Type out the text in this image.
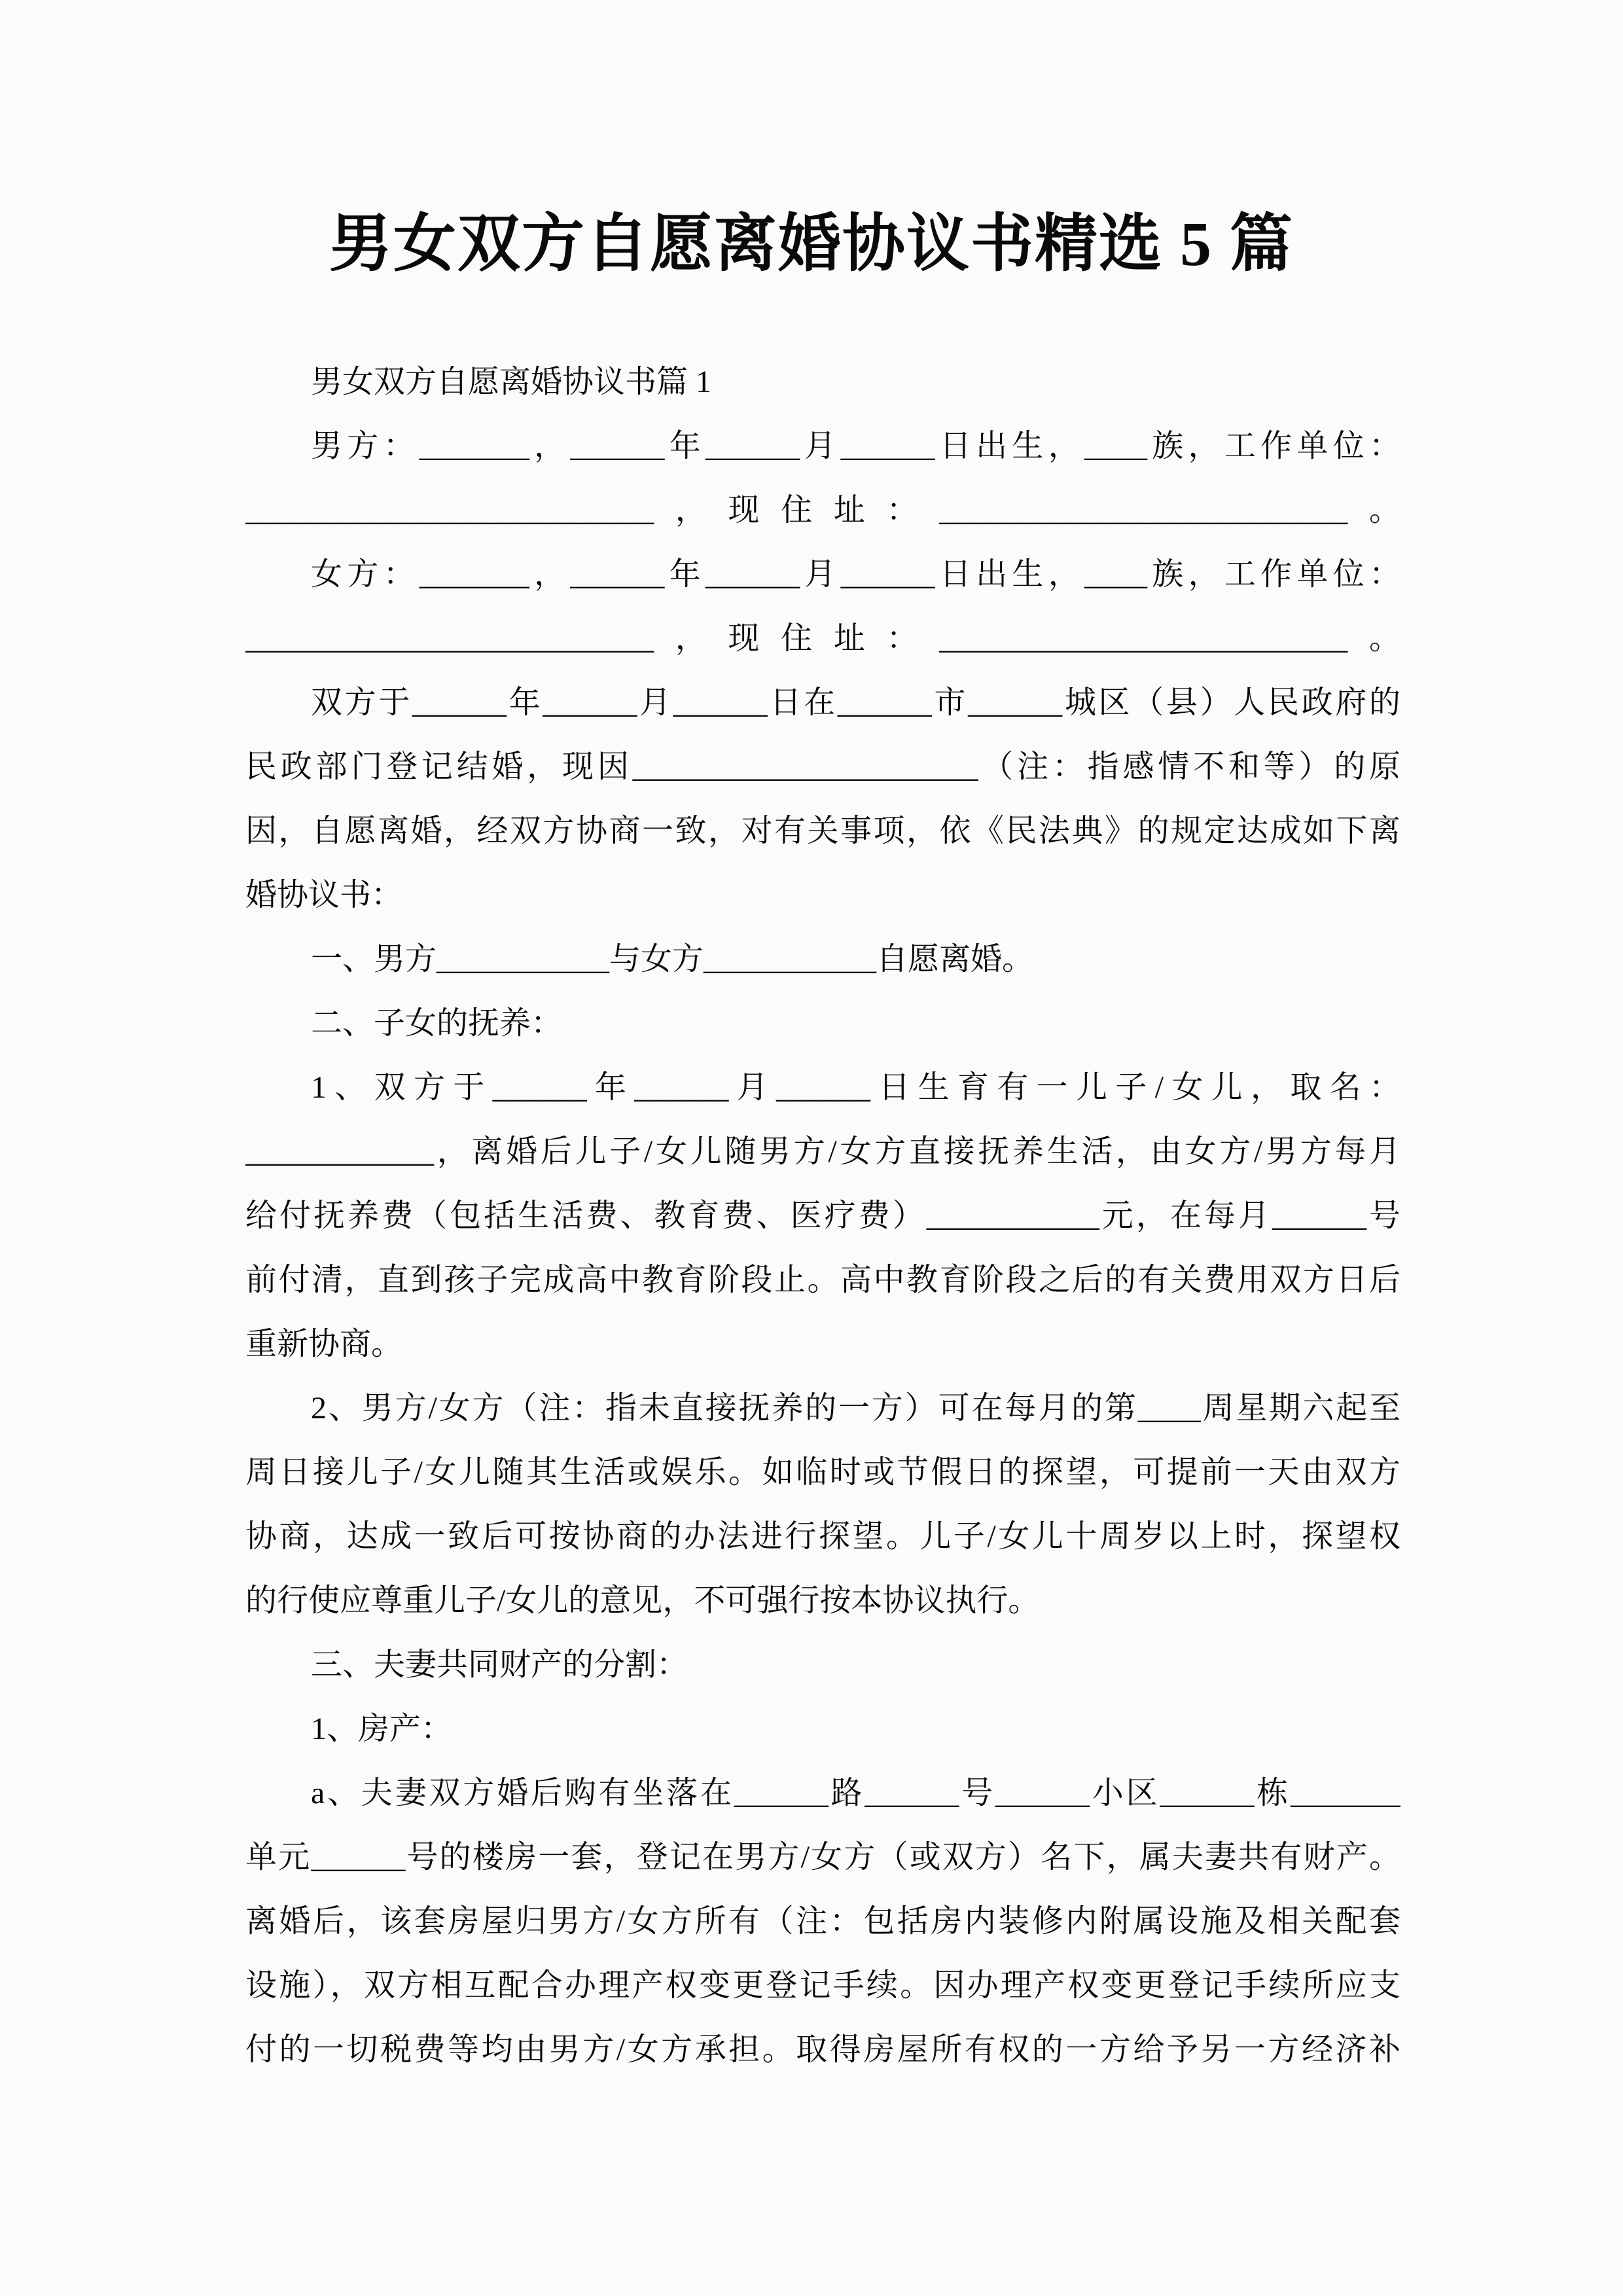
男女双方自愿离婚协议书精选 5 篇
男女双方自愿离婚协议书篇 1
男方：_______，______年______月______日出生，____族，工作单位：
__________________________，现住址：__________________________。
女方：_______，______年______月______日出生，____族，工作单位：
__________________________，现住址：__________________________。
双方于______年______月______日在______市______城区（县）人民政府的
民政部门登记结婚，现因______________________（注：指感情不和等）的原
因，自愿离婚，经双方协商一致，对有关事项，依《民法典》的规定达成如下离
婚协议书：
一、男方___________与女方___________自愿离婚。
二、子女的抚养：
1、双方于______年______月______日生育有一儿子/女儿，取名：
____________，离婚后儿子/女儿随男方/女方直接抚养生活，由女方/男方每月
给付抚养费（包括生活费、教育费、医疗费）___________元，在每月______号
前付清，直到孩子完成高中教育阶段止。高中教育阶段之后的有关费用双方日后
重新协商。
2、男方/女方（注：指未直接抚养的一方）可在每月的第____周星期六起至
周日接儿子/女儿随其生活或娱乐。如临时或节假日的探望，可提前一天由双方
协商，达成一致后可按协商的办法进行探望。儿子/女儿十周岁以上时，探望权
的行使应尊重儿子/女儿的意见，不可强行按本协议执行。
三、夫妻共同财产的分割：
1、房产：
a、夫妻双方婚后购有坐落在______路______号______小区______栋_______
单元______号的楼房一套，登记在男方/女方（或双方）名下，属夫妻共有财产。
离婚后，该套房屋归男方/女方所有（注：包括房内装修内附属设施及相关配套
设施），双方相互配合办理产权变更登记手续。因办理产权变更登记手续所应支
付的一切税费等均由男方/女方承担。取得房屋所有权的一方给予另一方经济补
